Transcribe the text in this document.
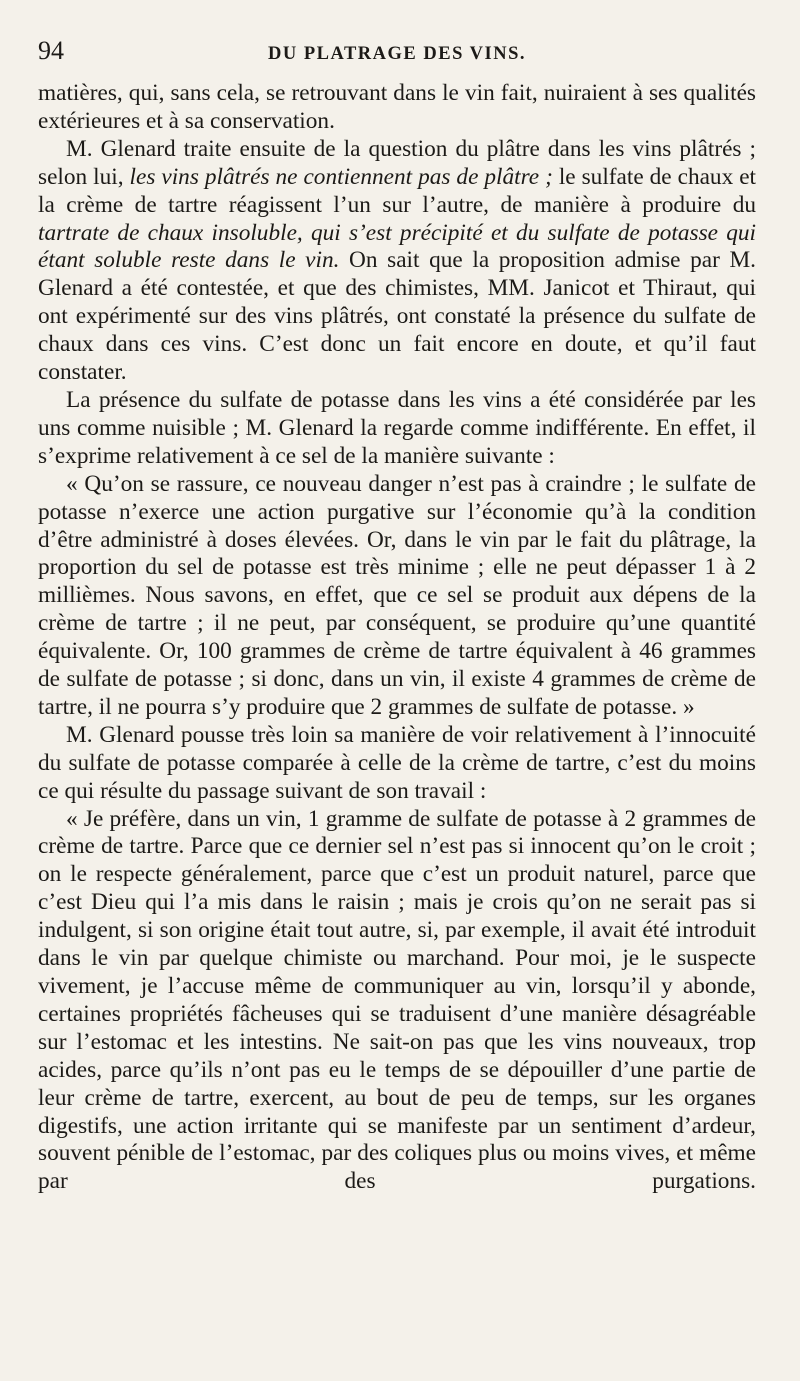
94	DU PLATRAGE DES VINS.

matières, qui, sans cela, se retrouvant dans le vin fait, nuiraient à ses qualités extérieures et à sa conservation.

M. Glenard traite ensuite de la question du plâtre dans les vins plâtrés ; selon lui, les vins plâtrés ne contiennent pas de plâtre ; le sulfate de chaux et la crème de tartre réagissent l’un sur l’autre, de manière à produire du tartrate de chaux insoluble, qui s’est précipité et du sulfate de potasse qui étant soluble reste dans le vin. On sait que la proposition admise par M. Glenard a été contestée, et que des chimistes, MM. Janicot et Thiraut, qui ont expérimenté sur des vins plâtrés, ont constaté la présence du sulfate de chaux dans ces vins. C’est donc un fait encore en doute, et qu’il faut constater.

La présence du sulfate de potasse dans les vins a été considérée par les uns comme nuisible ; M. Glenard la regarde comme indifférente. En effet, il s’exprime relativement à ce sel de la manière suivante :

« Qu’on se rassure, ce nouveau danger n’est pas à craindre ; le sulfate de potasse n’exerce une action purgative sur l’économie qu’à la condition d’être administré à doses élevées. Or, dans le vin par le fait du plâtrage, la proportion du sel de potasse est très minime ; elle ne peut dépasser 1 à 2 millièmes. Nous savons, en effet, que ce sel se produit aux dépens de la crème de tartre ; il ne peut, par conséquent, se produire qu’une quantité équivalente. Or, 100 grammes de crème de tartre équivalent à 46 grammes de sulfate de potasse ; si donc, dans un vin, il existe 4 grammes de crème de tartre, il ne pourra s’y produire que 2 grammes de sulfate de potasse. »

M. Glenard pousse très loin sa manière de voir relativement à l’innocuité du sulfate de potasse comparée à celle de la crème de tartre, c’est du moins ce qui résulte du passage suivant de son travail :

« Je préfère, dans un vin, 1 gramme de sulfate de potasse à 2 grammes de crème de tartre. Parce que ce dernier sel n’est pas si innocent qu’on le croit ; on le respecte généralement, parce que c’est un produit naturel, parce que c’est Dieu qui l’a mis dans le raisin ; mais je crois qu’on ne serait pas si indulgent, si son origine était tout autre, si, par exemple, il avait été introduit dans le vin par quelque chimiste ou marchand. Pour moi, je le suspecte vivement, je l’accuse même de communiquer au vin, lorsqu’il y abonde, certaines propriétés fâcheuses qui se traduisent d’une manière désagréable sur l’estomac et les intestins. Ne sait-on pas que les vins nouveaux, trop acides, parce qu’ils n’ont pas eu le temps de se dépouiller d’une partie de leur crème de tartre, exercent, au bout de peu de temps, sur les organes digestifs, une action irritante qui se manifeste par un sentiment d’ardeur, souvent pénible de l’estomac, par des coliques plus ou moins vives, et même par des purgations.
